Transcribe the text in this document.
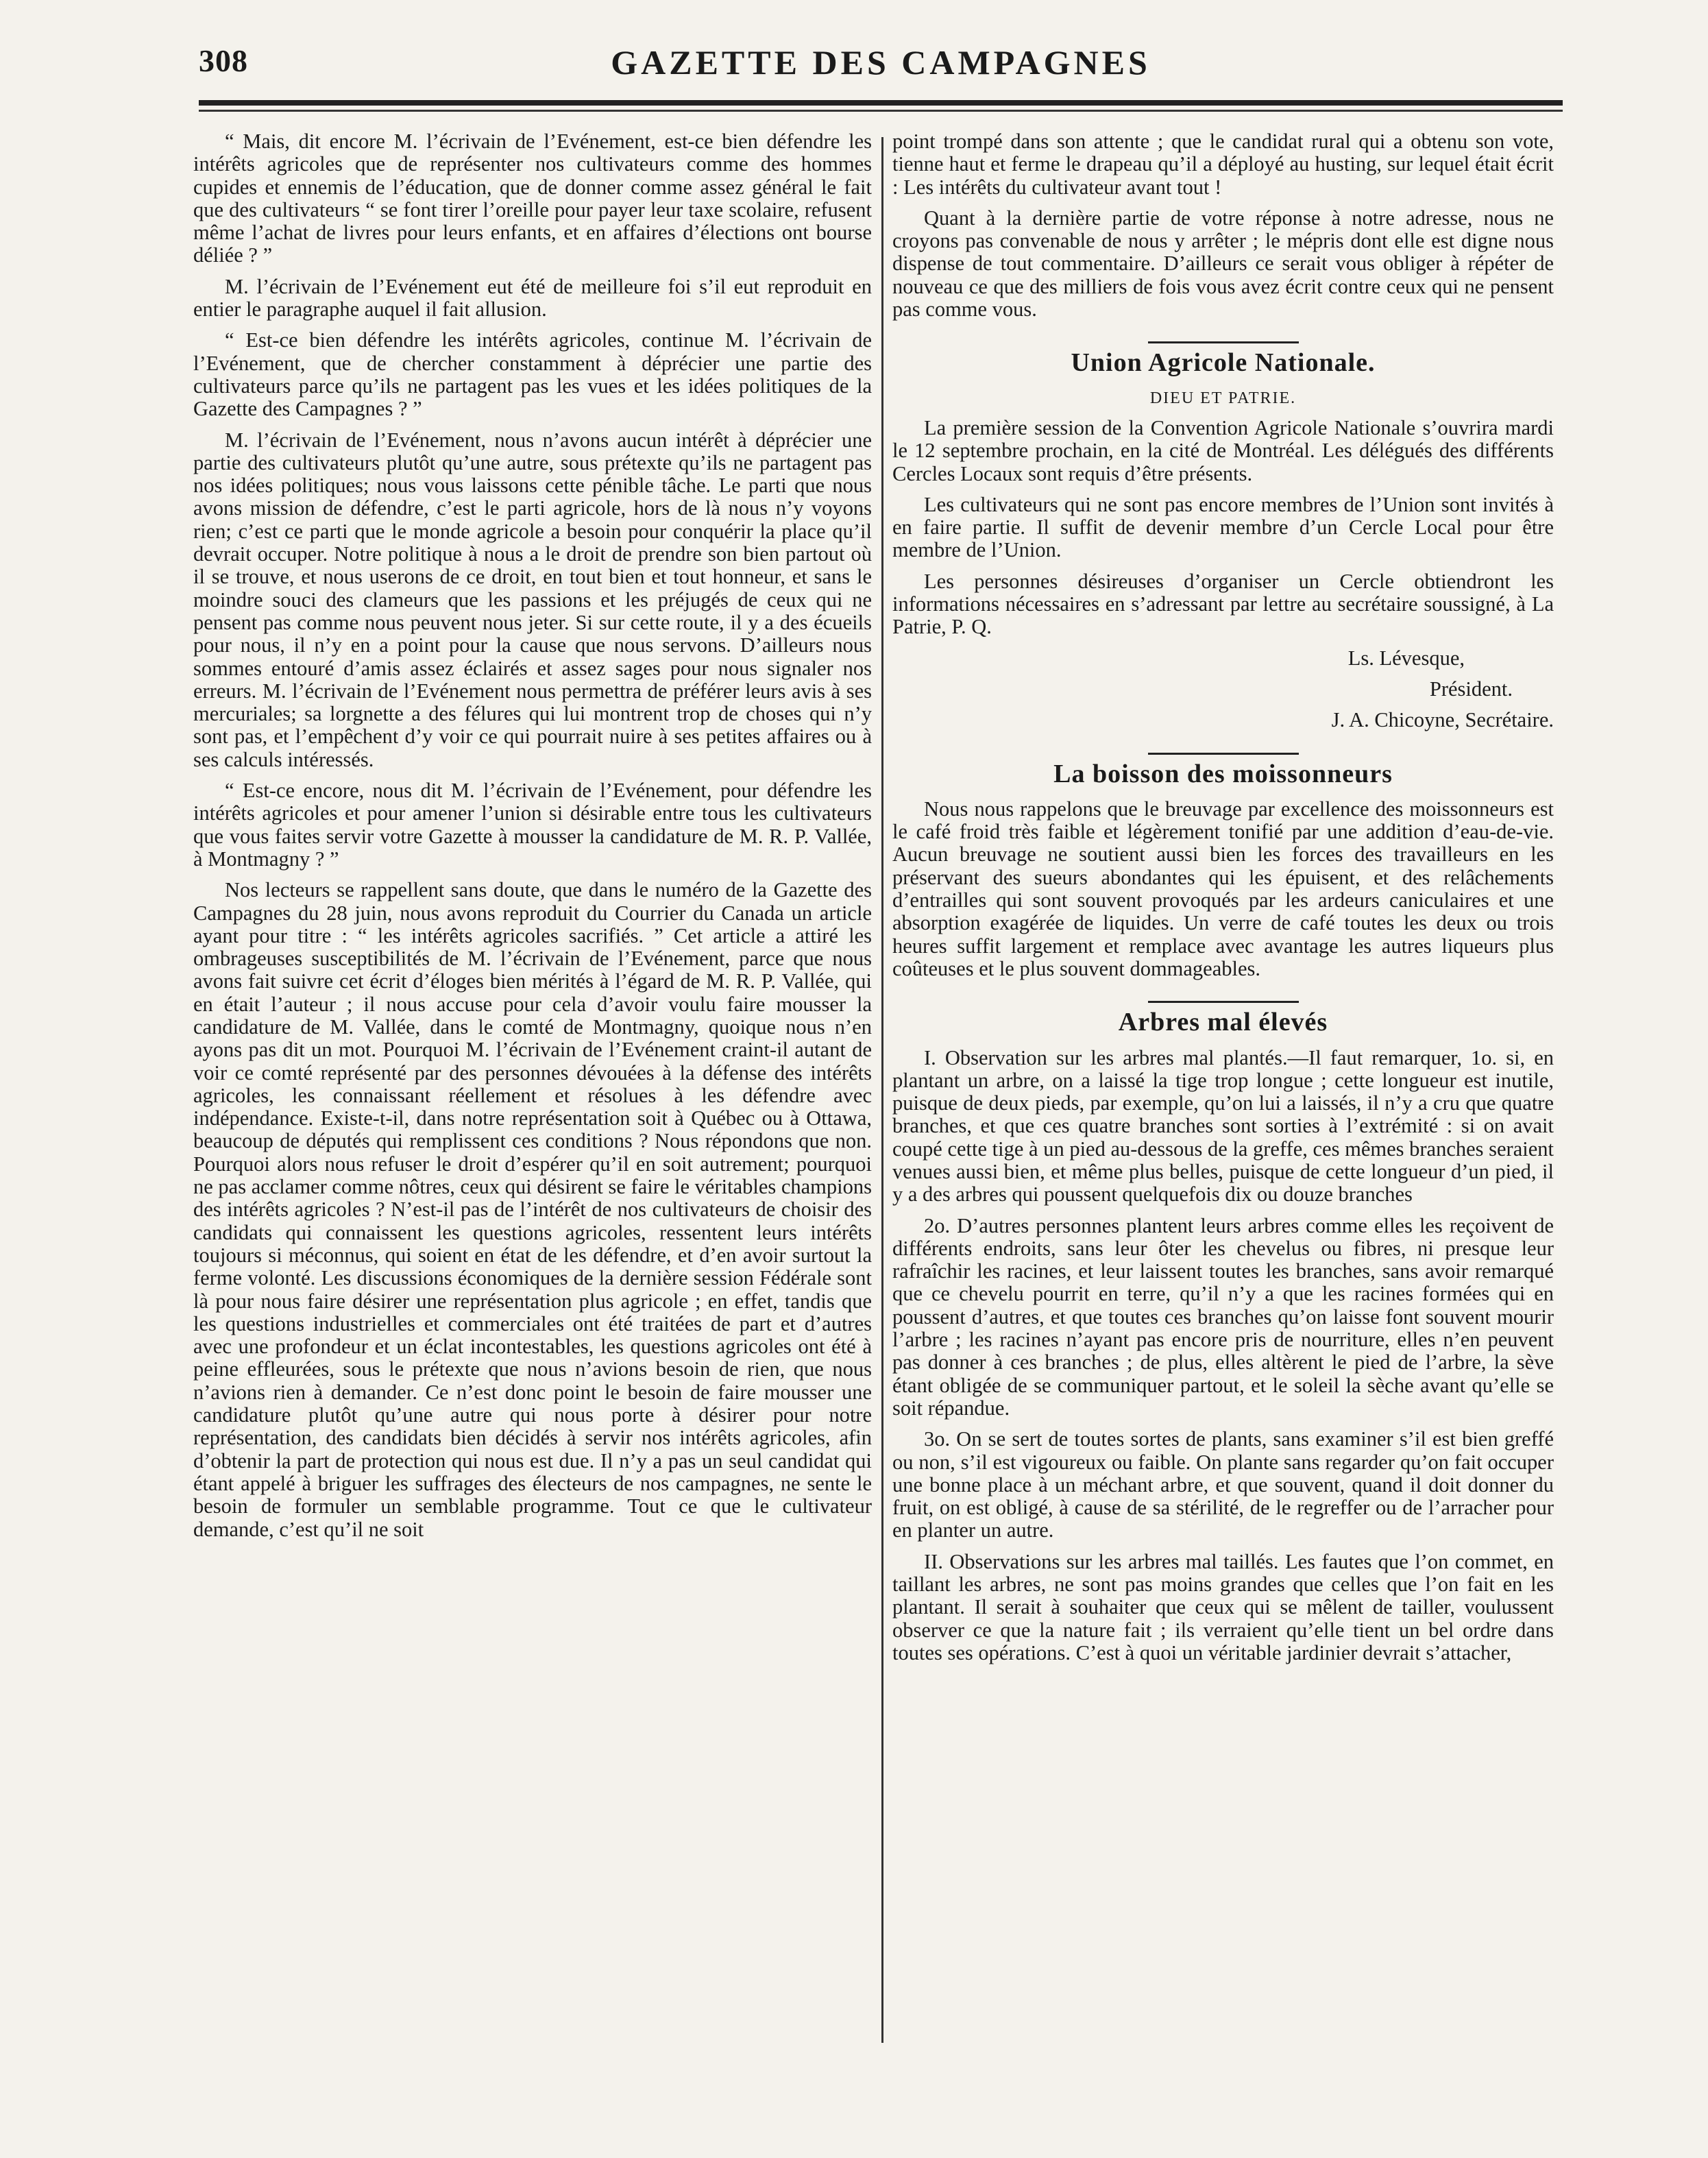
308	GAZETTE DES CAMPAGNES

“ Mais, dit encore M. l’écrivain de l’Evénement, est-ce bien défendre les intérêts agricoles que de représenter nos cultivateurs comme des hommes cupides et ennemis de l’éducation, que de donner comme assez général le fait que des cultivateurs “ se font tirer l’oreille pour payer leur taxe scolaire, refusent même l’achat de livres pour leurs enfants, et en affaires d’élections ont bourse déliée ? ”

M. l’écrivain de l’Evénement eut été de meilleure foi s’il eut reproduit en entier le paragraphe auquel il fait allusion.

“ Est-ce bien défendre les intérêts agricoles, continue M. l’écrivain de l’Evénement, que de chercher constamment à déprécier une partie des cultivateurs parce qu’ils ne partagent pas les vues et les idées politiques de la Gazette des Campagnes ? ”

M. l’écrivain de l’Evénement, nous n’avons aucun intérêt à déprécier une partie des cultivateurs plutôt qu’une autre, sous prétexte qu’ils ne partagent pas nos idées politiques; nous vous laissons cette pénible tâche. Le parti que nous avons mission de défendre, c’est le parti agricole, hors de là nous n’y voyons rien; c’est ce parti que le monde agricole a besoin pour conquérir la place qu’il devrait occuper. Notre politique à nous a le droit de prendre son bien partout où il se trouve, et nous userons de ce droit, en tout bien et tout honneur, et sans le moindre souci des clameurs que les passions et les préjugés de ceux qui ne pensent pas comme nous peuvent nous jeter. Si sur cette route, il y a des écueils pour nous, il n’y en a point pour la cause que nous servons. D’ailleurs nous sommes entouré d’amis assez éclairés et assez sages pour nous signaler nos erreurs. M. l’écrivain de l’Evénement nous permettra de préférer leurs avis à ses mercuriales; sa lorgnette a des félures qui lui montrent trop de choses qui n’y sont pas, et l’empêchent d’y voir ce qui pourrait nuire à ses petites affaires ou à ses calculs intéressés.

“ Est-ce encore, nous dit M. l’écrivain de l’Evénement, pour défendre les intérêts agricoles et pour amener l’union si désirable entre tous les cultivateurs que vous faites servir votre Gazette à mousser la candidature de M. R. P. Vallée, à Montmagny ? ”

Nos lecteurs se rappellent sans doute, que dans le numéro de la Gazette des Campagnes du 28 juin, nous avons reproduit du Courrier du Canada un article ayant pour titre : “ les intérêts agricoles sacrifiés. ” Cet article a attiré les ombrageuses susceptibilités de M. l’écrivain de l’Evénement, parce que nous avons fait suivre cet écrit d’éloges bien mérités à l’égard de M. R. P. Vallée, qui en était l’auteur ; il nous accuse pour cela d’avoir voulu faire mousser la candidature de M. Vallée, dans le comté de Montmagny, quoique nous n’en ayons pas dit un mot. Pourquoi M. l’écrivain de l’Evénement craint-il autant de voir ce comté représenté par des personnes dévouées à la défense des intérêts agricoles, les connaissant réellement et résolues à les défendre avec indépendance. Existe-t-il, dans notre représentation soit à Québec ou à Ottawa, beaucoup de députés qui remplissent ces conditions ? Nous répondons que non. Pourquoi alors nous refuser le droit d’espérer qu’il en soit autrement; pourquoi ne pas acclamer comme nôtres, ceux qui désirent se faire le véritables champions des intérêts agricoles ? N’est-il pas de l’intérêt de nos cultivateurs de choisir des candidats qui connaissent les questions agricoles, ressentent leurs intérêts toujours si méconnus, qui soient en état de les défendre, et d’en avoir surtout la ferme volonté. Les discussions économiques de la dernière session Fédérale sont là pour nous faire désirer une représentation plus agricole ; en effet, tandis que les questions industrielles et commerciales ont été traitées de part et d’autres avec une profondeur et un éclat incontestables, les questions agricoles ont été à peine effleurées, sous le prétexte que nous n’avions besoin de rien, que nous n’avions rien à demander. Ce n’est donc point le besoin de faire mousser une candidature plutôt qu’une autre qui nous porte à désirer pour notre représentation, des candidats bien décidés à servir nos intérêts agricoles, afin d’obtenir la part de protection qui nous est due. Il n’y a pas un seul candidat qui étant appelé à briguer les suffrages des électeurs de nos campagnes, ne sente le besoin de formuler un semblable programme. Tout ce que le cultivateur demande, c’est qu’il ne soit

point trompé dans son attente ; que le candidat rural qui a obtenu son vote, tienne haut et ferme le drapeau qu’il a déployé au husting, sur lequel était écrit : Les intérêts du cultivateur avant tout !

Quant à la dernière partie de votre réponse à notre adresse, nous ne croyons pas convenable de nous y arrêter ; le mépris dont elle est digne nous dispense de tout commentaire. D’ailleurs ce serait vous obliger à répéter de nouveau ce que des milliers de fois vous avez écrit contre ceux qui ne pensent pas comme vous.

Union Agricole Nationale.
DIEU ET PATRIE.

La première session de la Convention Agricole Nationale s’ouvrira mardi le 12 septembre prochain, en la cité de Montréal. Les délégués des différents Cercles Locaux sont requis d’être présents.

Les cultivateurs qui ne sont pas encore membres de l’Union sont invités à en faire partie. Il suffit de devenir membre d’un Cercle Local pour être membre de l’Union.

Les personnes désireuses d’organiser un Cercle obtiendront les informations nécessaires en s’adressant par lettre au secrétaire soussigné, à La Patrie, P. Q.

Ls. Lévesque,

Président.

J. A. Chicoyne, Secrétaire.

La boisson des moissonneurs

Nous nous rappelons que le breuvage par excellence des moissonneurs est le café froid très faible et légèrement tonifié par une addition d’eau-de-vie. Aucun breuvage ne soutient aussi bien les forces des travailleurs en les préservant des sueurs abondantes qui les épuisent, et des relâchements d’entrailles qui sont souvent provoqués par les ardeurs caniculaires et une absorption exagérée de liquides. Un verre de café toutes les deux ou trois heures suffit largement et remplace avec avantage les autres liqueurs plus coûteuses et le plus souvent dommageables.

Arbres mal élevés

I. Observation sur les arbres mal plantés.—Il faut remarquer, 1o. si, en plantant un arbre, on a laissé la tige trop longue ; cette longueur est inutile, puisque de deux pieds, par exemple, qu’on lui a laissés, il n’y a cru que quatre branches, et que ces quatre branches sont sorties à l’extrémité : si on avait coupé cette tige à un pied au-dessous de la greffe, ces mêmes branches seraient venues aussi bien, et même plus belles, puisque de cette longueur d’un pied, il y a des arbres qui poussent quelquefois dix ou douze branches

2o. D’autres personnes plantent leurs arbres comme elles les reçoivent de différents endroits, sans leur ôter les chevelus ou fibres, ni presque leur rafraîchir les racines, et leur laissent toutes les branches, sans avoir remarqué que ce chevelu pourrit en terre, qu’il n’y a que les racines formées qui en poussent d’autres, et que toutes ces branches qu’on laisse font souvent mourir l’arbre ; les racines n’ayant pas encore pris de nourriture, elles n’en peuvent pas donner à ces branches ; de plus, elles altèrent le pied de l’arbre, la sève étant obligée de se communiquer partout, et le soleil la sèche avant qu’elle se soit répandue.

3o. On se sert de toutes sortes de plants, sans examiner s’il est bien greffé ou non, s’il est vigoureux ou faible. On plante sans regarder qu’on fait occuper une bonne place à un méchant arbre, et que souvent, quand il doit donner du fruit, on est obligé, à cause de sa stérilité, de le regreffer ou de l’arracher pour en planter un autre.

II. Observations sur les arbres mal taillés. Les fautes que l’on commet, en taillant les arbres, ne sont pas moins grandes que celles que l’on fait en les plantant. Il serait à souhaiter que ceux qui se mêlent de tailler, voulussent observer ce que la nature fait ; ils verraient qu’elle tient un bel ordre dans toutes ses opérations. C’est à quoi un véritable jardinier devrait s’attacher,
